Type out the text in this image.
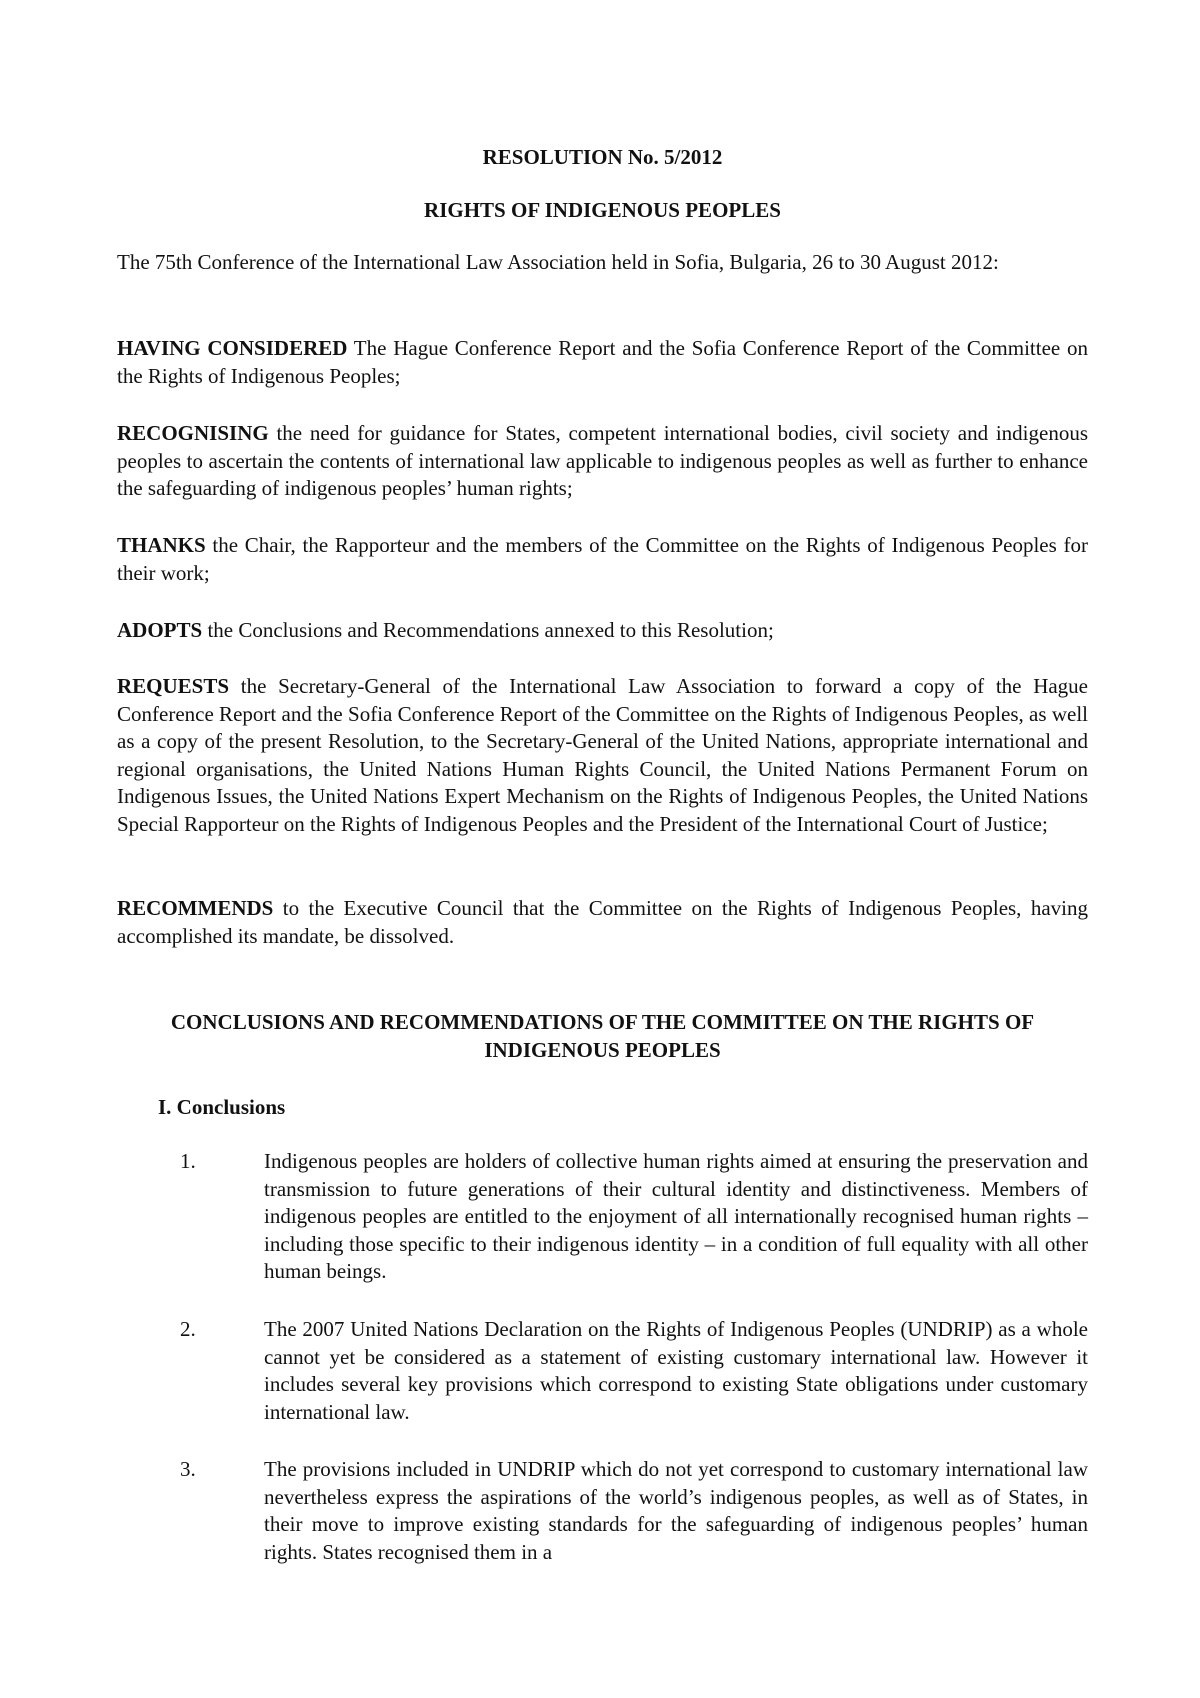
RESOLUTION No. 5/2012
RIGHTS OF INDIGENOUS PEOPLES

The 75th Conference of the International Law Association held in Sofia, Bulgaria, 26 to 30 August 2012:

HAVING CONSIDERED The Hague Conference Report and the Sofia Conference Report of the Committee on the Rights of Indigenous Peoples;

RECOGNISING the need for guidance for States, competent international bodies, civil society and indigenous peoples to ascertain the contents of international law applicable to indigenous peoples as well as further to enhance the safeguarding of indigenous peoples’ human rights;

THANKS the Chair, the Rapporteur and the members of the Committee on the Rights of Indigenous Peoples for their work;

ADOPTS the Conclusions and Recommendations annexed to this Resolution;

REQUESTS the Secretary-General of the International Law Association to forward a copy of the Hague Conference Report and the Sofia Conference Report of the Committee on the Rights of Indigenous Peoples, as well as a copy of the present Resolution, to the Secretary-General of the United Nations, appropriate international and regional organisations, the United Nations Human Rights Council, the United Nations Permanent Forum on Indigenous Issues, the United Nations Expert Mechanism on the Rights of Indigenous Peoples, the United Nations Special Rapporteur on the Rights of Indigenous Peoples and the President of the International Court of Justice;

RECOMMENDS to the Executive Council that the Committee on the Rights of Indigenous Peoples, having accomplished its mandate, be dissolved.

CONCLUSIONS AND RECOMMENDATIONS OF THE COMMITTEE ON THE RIGHTS OF INDIGENOUS PEOPLES
I. Conclusions
1.	Indigenous peoples are holders of collective human rights aimed at ensuring the preservation and transmission to future generations of their cultural identity and distinctiveness. Members of indigenous peoples are entitled to the enjoyment of all internationally recognised human rights – including those specific to their indigenous identity – in a condition of full equality with all other human beings.

2.	The 2007 United Nations Declaration on the Rights of Indigenous Peoples (UNDRIP) as a whole cannot yet be considered as a statement of existing customary international law. However it includes several key provisions which correspond to existing State obligations under customary international law.

3.	The provisions included in UNDRIP which do not yet correspond to customary international law nevertheless express the aspirations of the world’s indigenous peoples, as well as of States, in their move to improve existing standards for the safeguarding of indigenous peoples’ human rights. States recognised them in a
